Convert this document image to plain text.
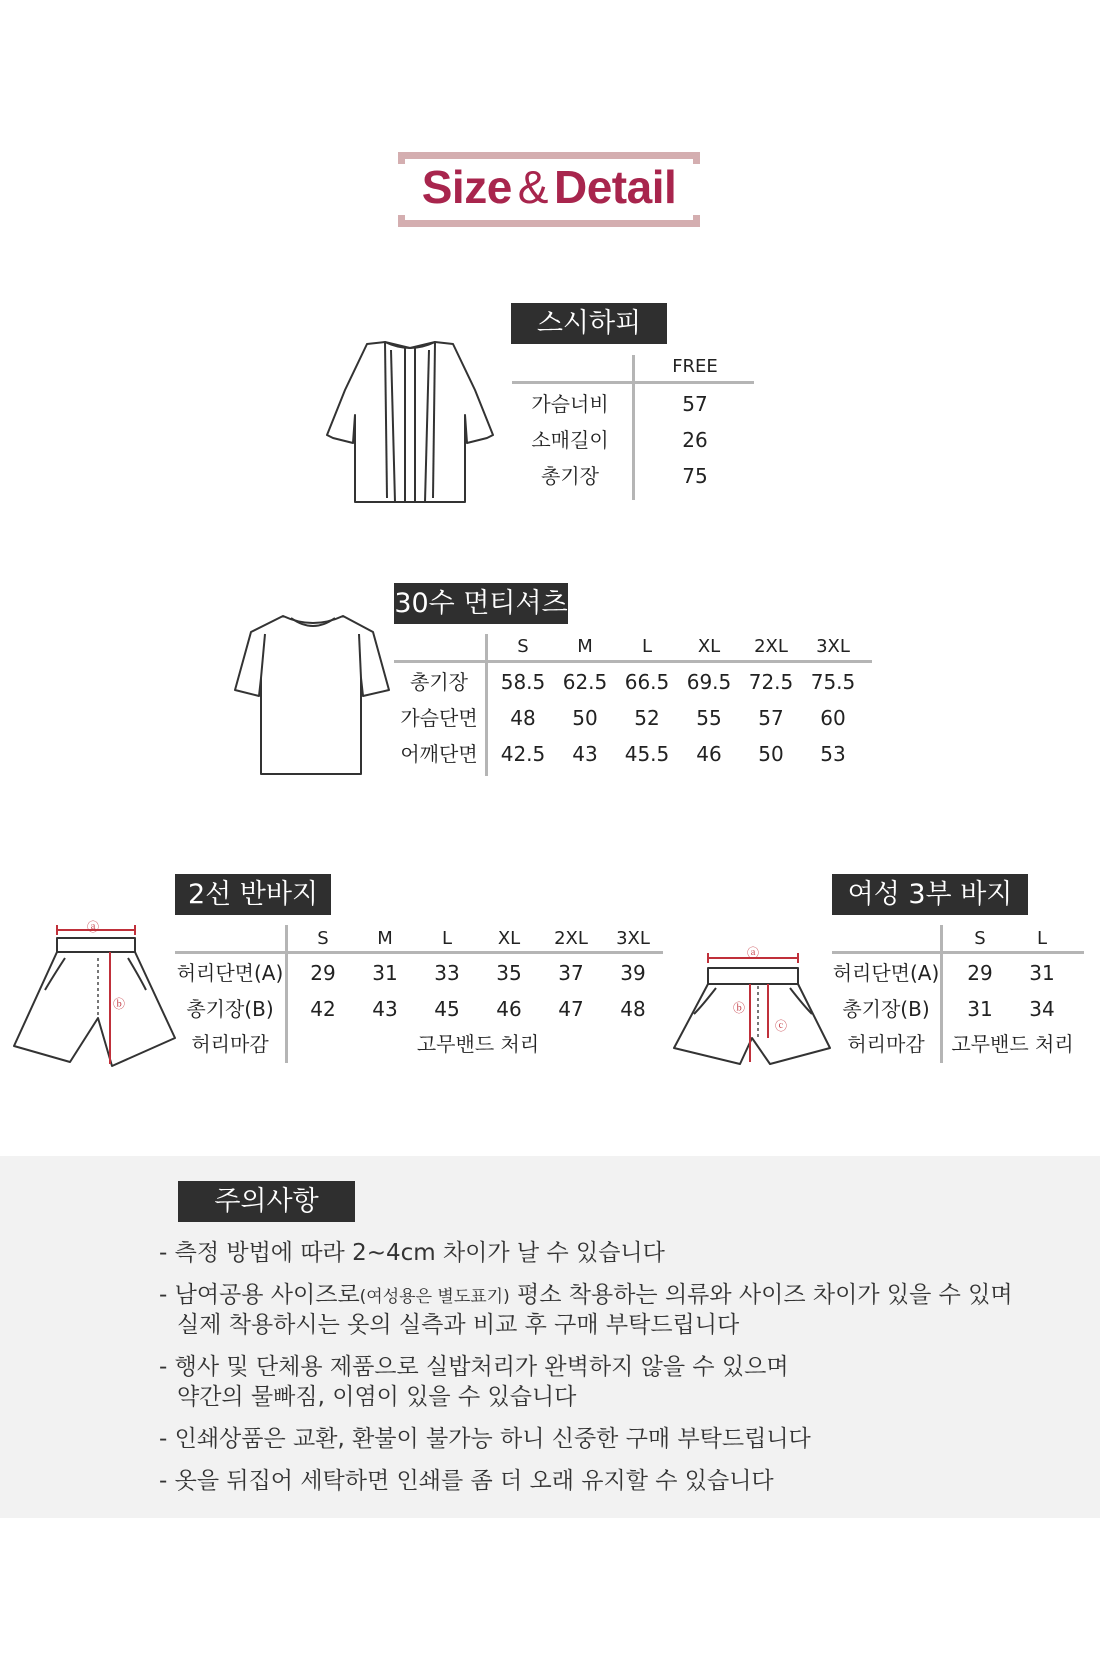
Size & Detail
스시하피
FREE
가슴너비	57
소매길이	26
총기장	75
30수 면티셔츠
S	M	L	XL	2XL	3XL
총기장	58.5 62.5 66.5 69.5 72.5 75.5
가슴단면	48	50	52	55	57	60
어깨단면	42.5	43	45.5	46	50	53
ⓐ
ⓑ
2선 반바지
S	M	L	XL	2XL	3XL
허리단면(A)	29	31	33	35	37	39
총기장(B)	42	43	45	46	47	48
허리마감	고무밴드 처리
ⓐ
ⓑ
ⓒ
여성 3부 바지
S	L
허리단면(A)	29	31
총기장(B)	31	34
허리마감	고무밴드 처리
주의사항
- 측정 방법에 따라 2~4cm 차이가 날 수 있습니다
- 남여공용 사이즈로(여성용은 별도표기) 평소 착용하는 의류와 사이즈 차이가 있을 수 있며
실제 착용하시는 옷의 실측과 비교 후 구매 부탁드립니다
- 행사 및 단체용 제품으로 실밥처리가 완벽하지 않을 수 있으며
약간의 물빠짐, 이염이 있을 수 있습니다
- 인쇄상품은 교환, 환불이 불가능 하니 신중한 구매 부탁드립니다
- 옷을 뒤집어 세탁하면 인쇄를 좀 더 오래 유지할 수 있습니다
